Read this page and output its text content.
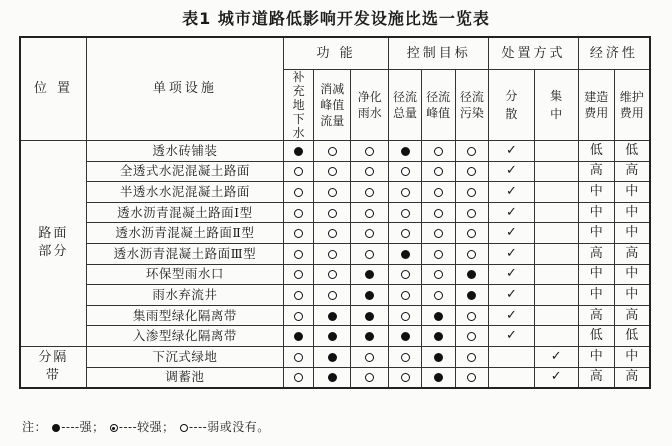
表1 城市道路低影响开发设施比选一览表
位 置	单项设施	功 能			控制目标			处置方式		经济性	
		补充地下水	消减峰值流量	净化雨水	径流总量	径流峰值	径流污染	分散	集中	建造费用	维护费用
路面部分	透水砖铺装							✓		低	低
	全透式水泥混凝土路面							✓		高	高
	半透水水泥混凝土路面							✓		中	中
	透水沥青混凝土路面Ⅰ型							✓		中	中
	透水沥青混凝土路面Ⅱ型							✓		中	中
	透水沥青混凝土路面Ⅲ型							✓		高	高
	环保型雨水口							✓		中	中
	雨水弃流井							✓		中	中
	集雨型绿化隔离带							✓		高	高
	入渗型绿化隔离带							✓		低	低
分隔带	下沉式绿地								✓	中	中
	调蓄池								✓	高	高
注： ----强； ----较强； ----弱或没有。
